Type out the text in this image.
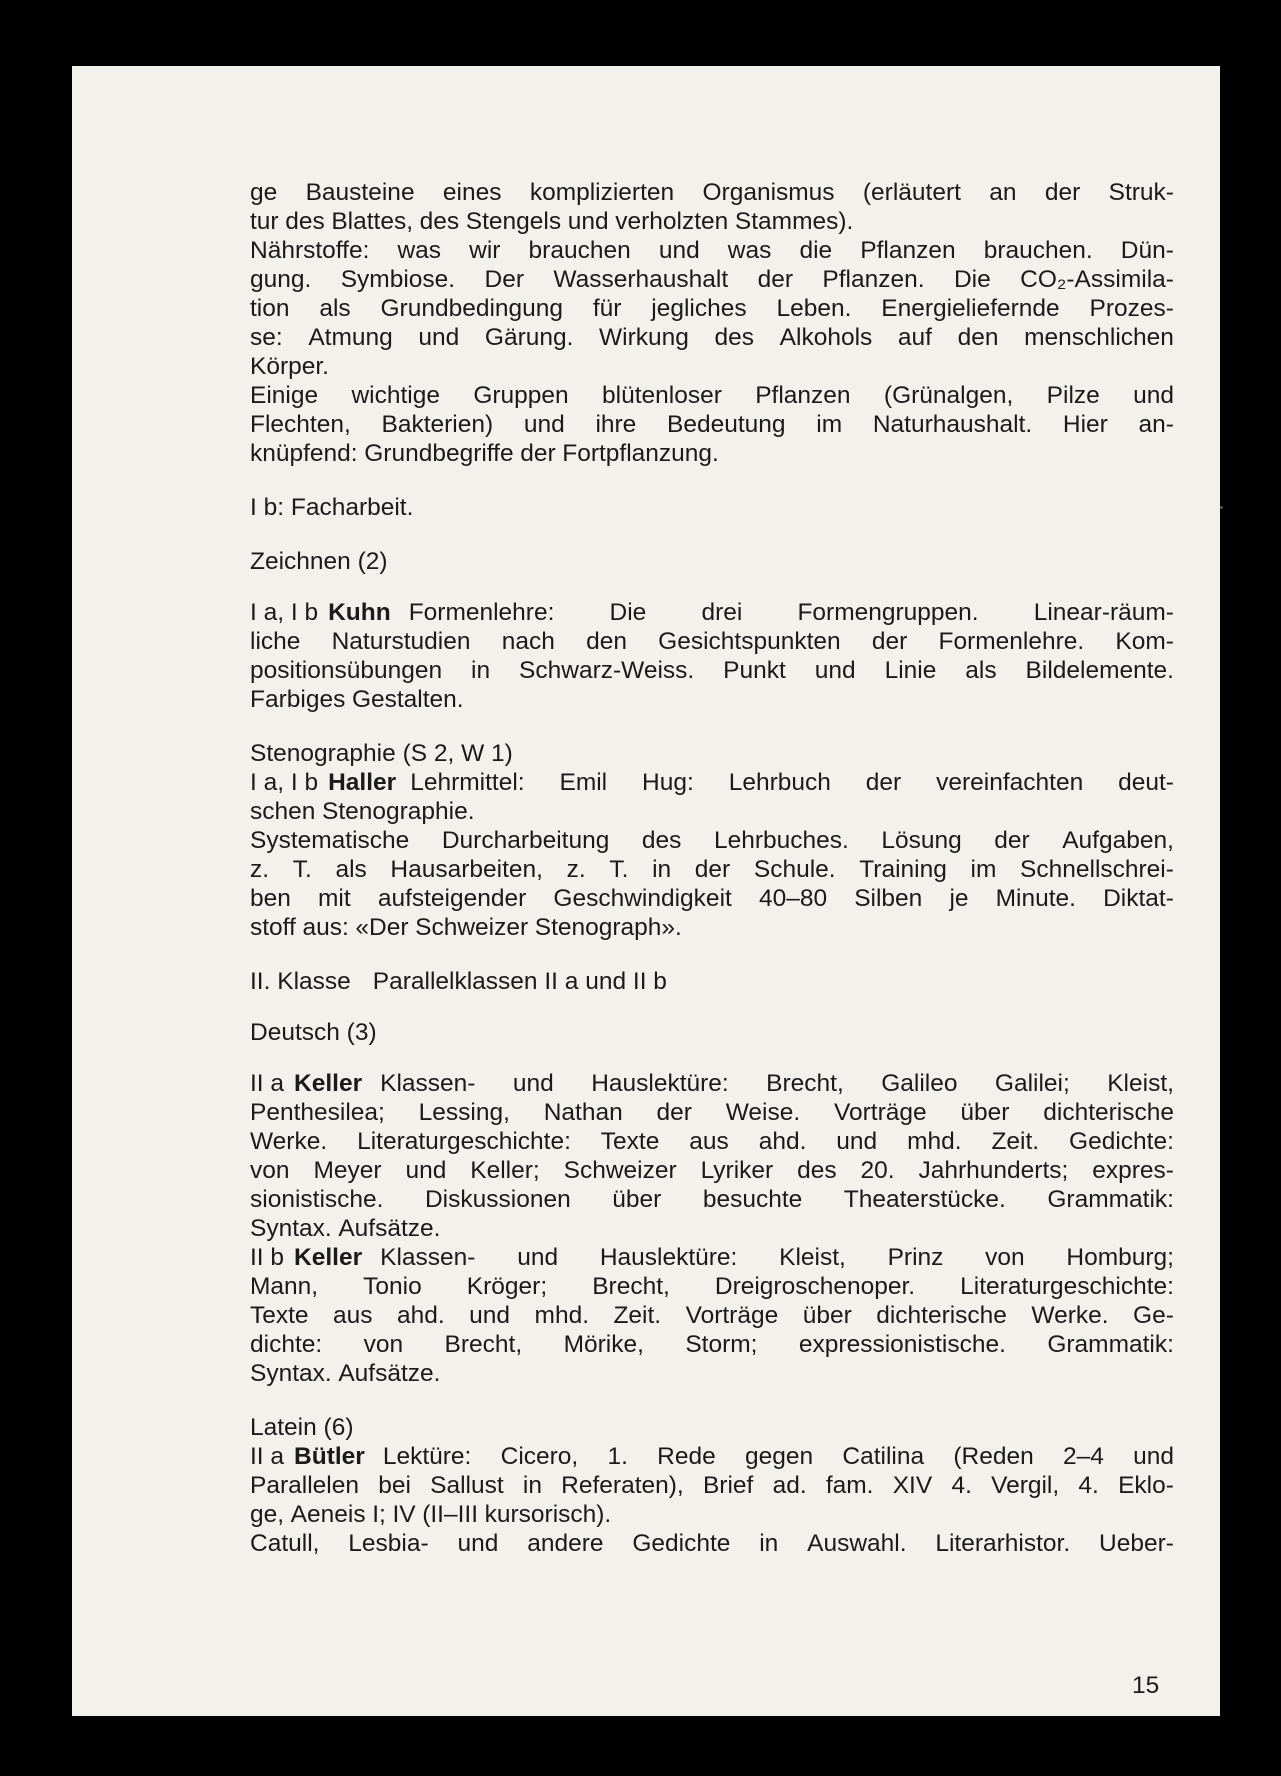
ge Bausteine eines komplizierten Organismus (erläutert an der Struk-
tur des Blattes, des Stengels und verholzten Stammes).
Nährstoffe: was wir brauchen und was die Pflanzen brauchen. Dün-
gung. Symbiose. Der Wasserhaushalt der Pflanzen. Die CO₂-Assimila-
tion als Grundbedingung für jegliches Leben. Energieliefernde Prozes-
se: Atmung und Gärung. Wirkung des Alkohols auf den menschlichen
Körper.
Einige wichtige Gruppen blütenloser Pflanzen (Grünalgen, Pilze und
Flechten, Bakterien) und ihre Bedeutung im Naturhaushalt. Hier an-
knüpfend: Grundbegriffe der Fortpflanzung.
I b: Facharbeit.
Zeichnen (2)
I a, I b Kuhn Formenlehre: Die drei Formengruppen. Linear-räum-
liche Naturstudien nach den Gesichtspunkten der Formenlehre. Kom-
positionsübungen in Schwarz-Weiss. Punkt und Linie als Bildelemente.
Farbiges Gestalten.
Stenographie (S 2, W 1)
I a, I b Haller Lehrmittel: Emil Hug: Lehrbuch der vereinfachten deut-
schen Stenographie.
Systematische Durcharbeitung des Lehrbuches. Lösung der Aufgaben,
z. T. als Hausarbeiten, z. T. in der Schule. Training im Schnellschrei-
ben mit aufsteigender Geschwindigkeit 40–80 Silben je Minute. Diktat-
stoff aus: «Der Schweizer Stenograph».
II. Klasse Parallelklassen II a und II b
Deutsch (3)
II a Keller Klassen- und Hauslektüre: Brecht, Galileo Galilei; Kleist,
Penthesilea; Lessing, Nathan der Weise. Vorträge über dichterische
Werke. Literaturgeschichte: Texte aus ahd. und mhd. Zeit. Gedichte:
von Meyer und Keller; Schweizer Lyriker des 20. Jahrhunderts; expres-
sionistische. Diskussionen über besuchte Theaterstücke. Grammatik:
Syntax. Aufsätze.
II b Keller Klassen- und Hauslektüre: Kleist, Prinz von Homburg;
Mann, Tonio Kröger; Brecht, Dreigroschenoper. Literaturgeschichte:
Texte aus ahd. und mhd. Zeit. Vorträge über dichterische Werke. Ge-
dichte: von Brecht, Mörike, Storm; expressionistische. Grammatik:
Syntax. Aufsätze.
Latein (6)
II a Bütler Lektüre: Cicero, 1. Rede gegen Catilina (Reden 2–4 und
Parallelen bei Sallust in Referaten), Brief ad. fam. XIV 4. Vergil, 4. Eklo-
ge, Aeneis I; IV (II–III kursorisch).
Catull, Lesbia- und andere Gedichte in Auswahl. Literarhistor. Ueber-
15
